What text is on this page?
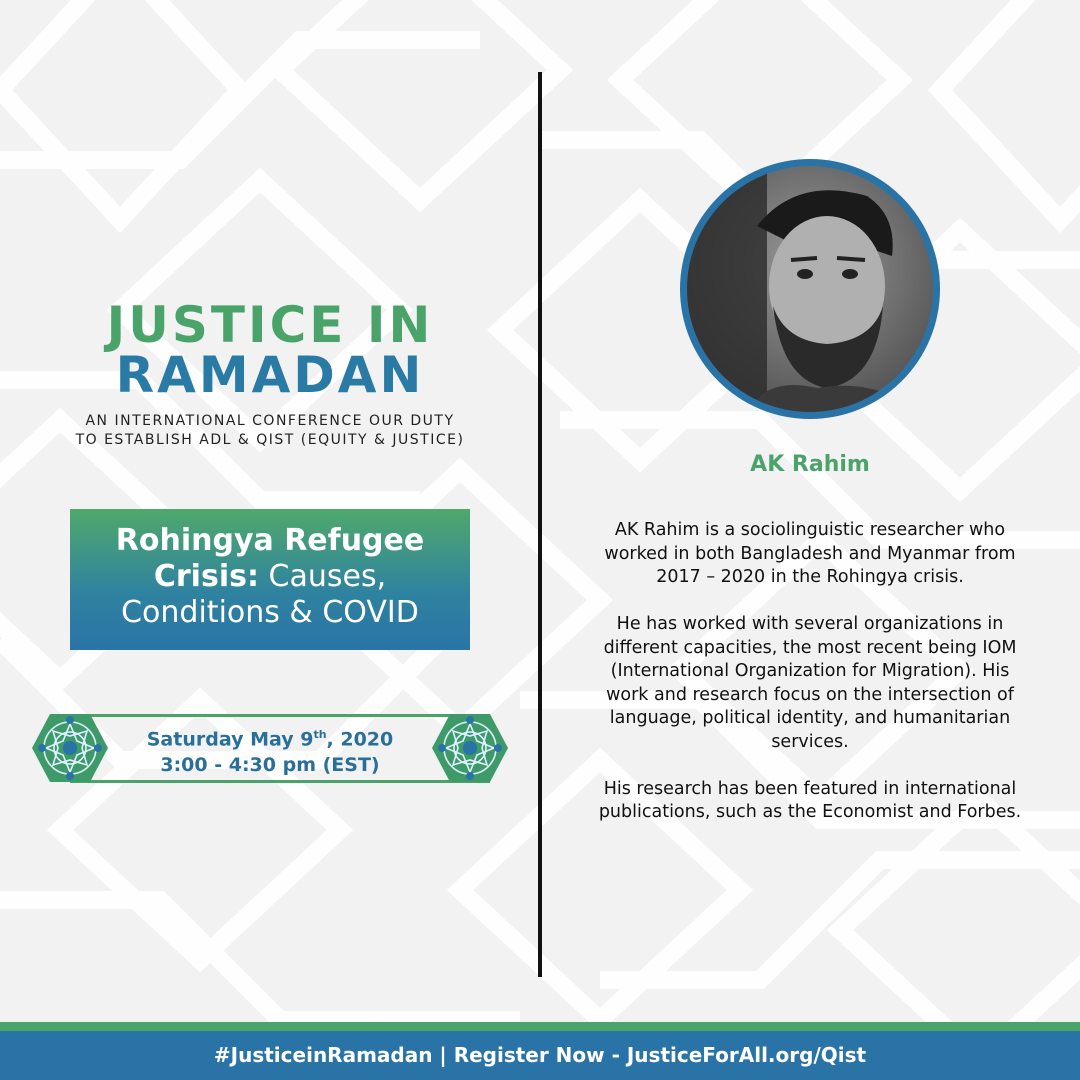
JUSTICE IN
RAMADAN
AN INTERNATIONAL CONFERENCE OUR DUTY
TO ESTABLISH ADL & QIST (EQUITY & JUSTICE)
Rohingya Refugee Crisis: Causes, Conditions & COVID
Saturday May 9th, 2020
3:00 - 4:30 pm (EST)
AK Rahim

AK Rahim is a sociolinguistic researcher who worked in both Bangladesh and Myanmar from 2017 – 2020 in the Rohingya crisis.

He has worked with several organizations in different capacities, the most recent being IOM (International Organization for Migration). His work and research focus on the intersection of language, political identity, and humanitarian services.

His research has been featured in international publications, such as the Economist and Forbes.

#JusticeinRamadan | Register Now - JusticeForAll.org/Qist
